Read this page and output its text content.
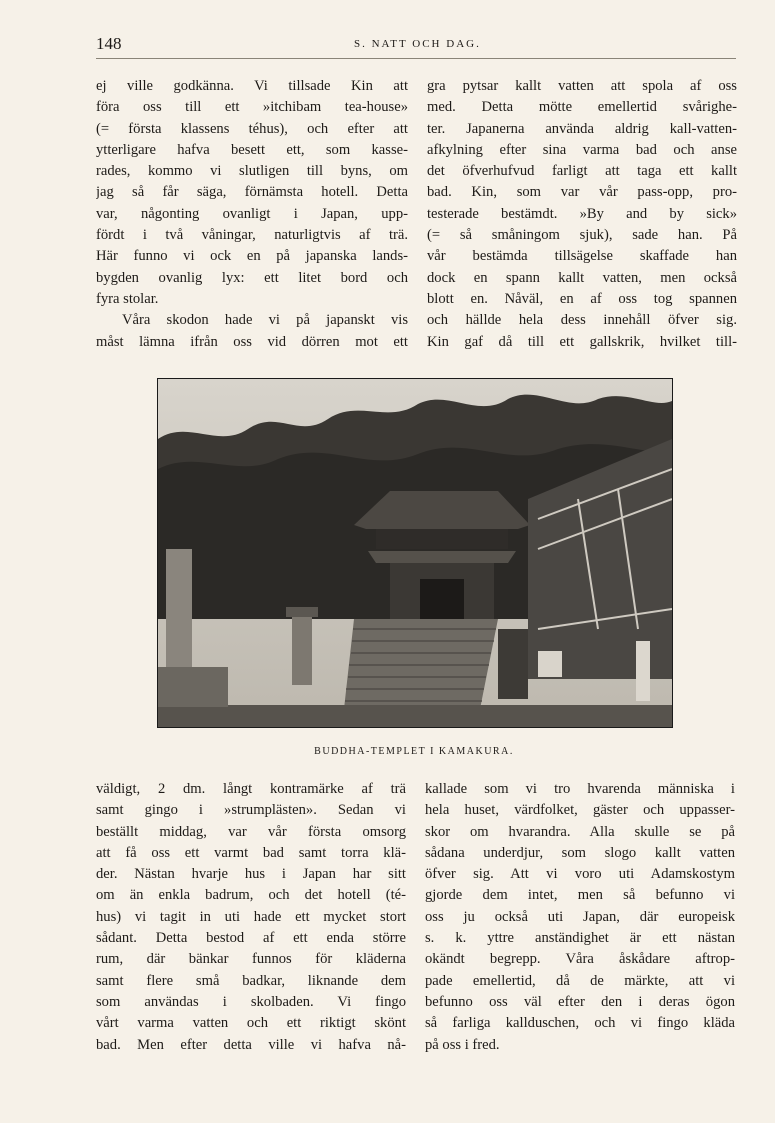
148	S. NATT OCH DAG.

ej ville godkänna. Vi tillsade Kin att
föra oss till ett »itchibam tea-house»
(= första klassens téhus), och efter att
ytterligare hafva besett ett, som kasse-
rades, kommo vi slutligen till byns, om
jag så får säga, förnämsta hotell. Detta
var, någonting ovanligt i Japan, upp-
fördt i två våningar, naturligtvis af trä.
Här funno vi ock en på japanska lands-
bygden ovanlig lyx: ett litet bord och
fyra stolar.

Våra skodon hade vi på japanskt vis
måst lämna ifrån oss vid dörren mot ett

gra pytsar kallt vatten att spola af oss
med. Detta mötte emellertid svårighe-
ter. Japanerna använda aldrig kall-vatten-
afkylning efter sina varma bad och anse
det öfverhufvud farligt att taga ett kallt
bad. Kin, som var vår pass-opp, pro-
testerade bestämdt. »By and by sick»
(= så småningom sjuk), sade han. På
vår bestämda tillsägelse skaffade han
dock en spann kallt vatten, men också
blott en. Nåväl, en af oss tog spannen
och hällde hela dess innehåll öfver sig.
Kin gaf då till ett gallskrik, hvilket till-

BUDDHA-TEMPLET I KAMAKURA.

väldigt, 2 dm. långt kontramärke af trä
samt gingo i »strumplästen». Sedan vi
beställt middag, var vår första omsorg
att få oss ett varmt bad samt torra klä-
der. Nästan hvarje hus i Japan har sitt
om än enkla badrum, och det hotell (té-
hus) vi tagit in uti hade ett mycket stort
sådant. Detta bestod af ett enda större
rum, där bänkar funnos för kläderna
samt flere små badkar, liknande dem
som användas i skolbaden. Vi fingo
vårt varma vatten och ett riktigt skönt
bad. Men efter detta ville vi hafva nå-

kallade som vi tro hvarenda människa i
hela huset, värdfolket, gäster och uppasser-
skor om hvarandra. Alla skulle se på
sådana underdjur, som slogo kallt vatten
öfver sig. Att vi voro uti Adamskostym
gjorde dem intet, men så befunno vi
oss ju också uti Japan, där europeisk
s. k. yttre anständighet är ett nästan
okändt begrepp. Våra åskådare aftrop-
pade emellertid, då de märkte, att vi
befunno oss väl efter den i deras ögon
så farliga kallduschen, och vi fingo kläda
på oss i fred.
